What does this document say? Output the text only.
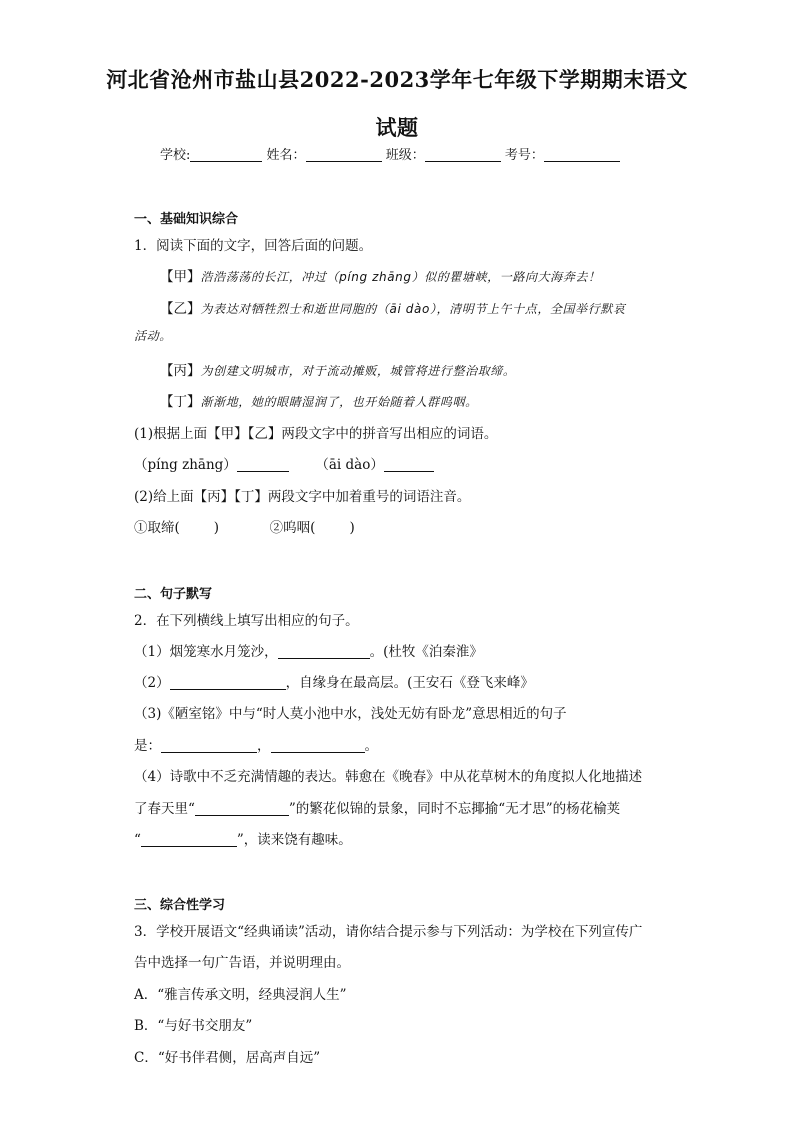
河北省沧州市盐山县2022-2023学年七年级下学期期末语文
试题
学校:	姓名：	班级：	考号：
一、基础知识综合
1．阅读下面的文字，回答后面的问题。
【甲】浩浩荡荡的长江，冲过（píng zhāng）似的瞿塘峡，一路向大海奔去！
【乙】为表达对牺牲烈士和逝世同胞的（āi dào），清明节上午十点，全国举行默哀
活动。
【丙】为创建文明城市，对于流动摊贩，城管将进行整治取缔。
【丁】渐渐地，她的眼睛湿润了，也开始随着人群呜咽。
(1)根据上面【甲】【乙】两段文字中的拼音写出相应的词语。
（píng zhāng）	（āi dào）
(2)给上面【丙】【丁】两段文字中加着重号的词语注音。
①取缔(	)	②呜咽(	)
二、句子默写
2．在下列横线上填写出相应的句子。
（1）烟笼寒水月笼沙，	。(杜牧《泊秦淮》
（2）	，自缘身在最高层。(王安石《登飞来峰》
（3)《陋室铭》中与“时人莫小池中水，浅处无妨有卧龙”意思相近的句子
是：	，	。
（4）诗歌中不乏充满情趣的表达。韩愈在《晚春》中从花草树木的角度拟人化地描述
了春天里“	”的繁花似锦的景象，同时不忘揶揄“无才思”的杨花榆荚
“	”，读来饶有趣味。
三、综合性学习
3．学校开展语文“经典诵读”活动，请你结合提示参与下列活动：为学校在下列宣传广
告中选择一句广告语，并说明理由。
A．“雅言传承文明，经典浸润人生”
B．“与好书交朋友”
C．“好书伴君侧，居高声自远”
